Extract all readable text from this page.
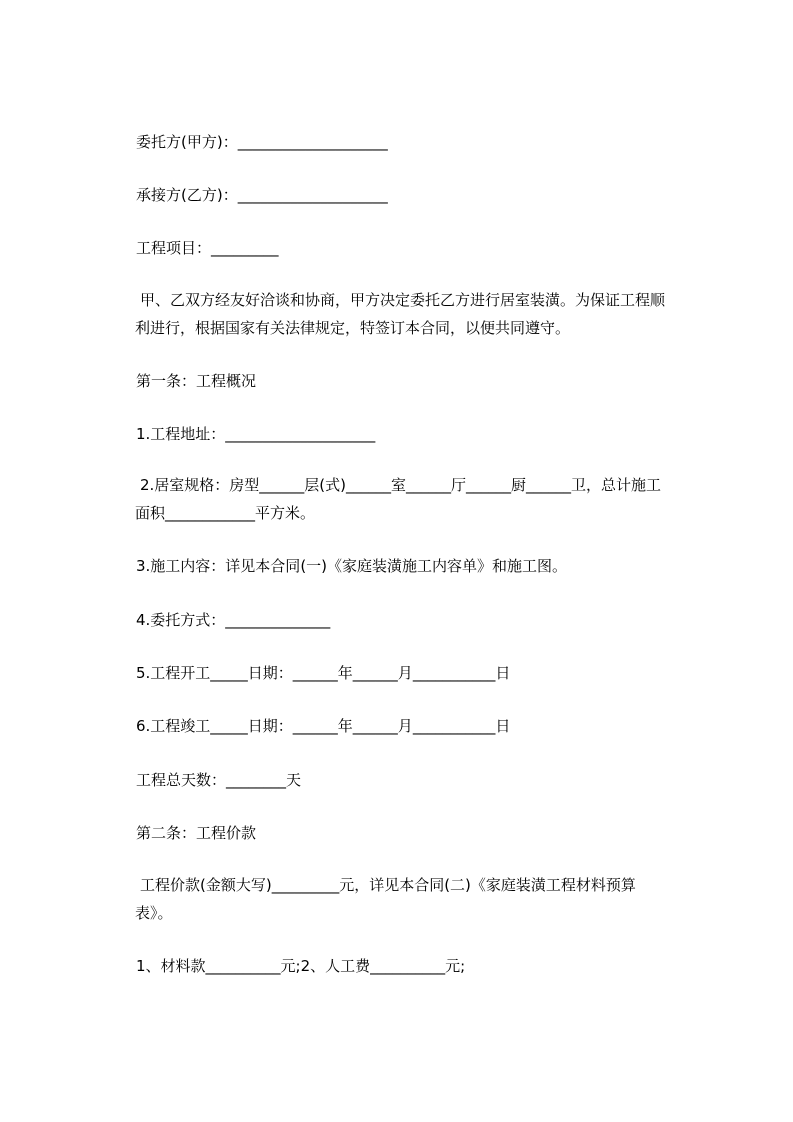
委托方(甲方)：____________________
承接方(乙方)：____________________
工程项目：_________
甲、乙双方经友好洽谈和协商，甲方决定委托乙方进行居室装潢。为保证工程顺
利进行，根据国家有关法律规定，特签订本合同，以便共同遵守。
第一条：工程概况
1.工程地址：____________________
2.居室规格：房型______层(式)______室______厅______厨______卫，总计施工
面积____________平方米。
3.施工内容：详见本合同(一)《家庭装潢施工内容单》和施工图。
4.委托方式：______________
5.工程开工_____日期：______年______月___________日
6.工程竣工_____日期：______年______月___________日
工程总天数：________天
第二条：工程价款
工程价款(金额大写)_________元，详见本合同(二)《家庭装潢工程材料预算
表》。
1、材料款__________元;2、人工费__________元;
